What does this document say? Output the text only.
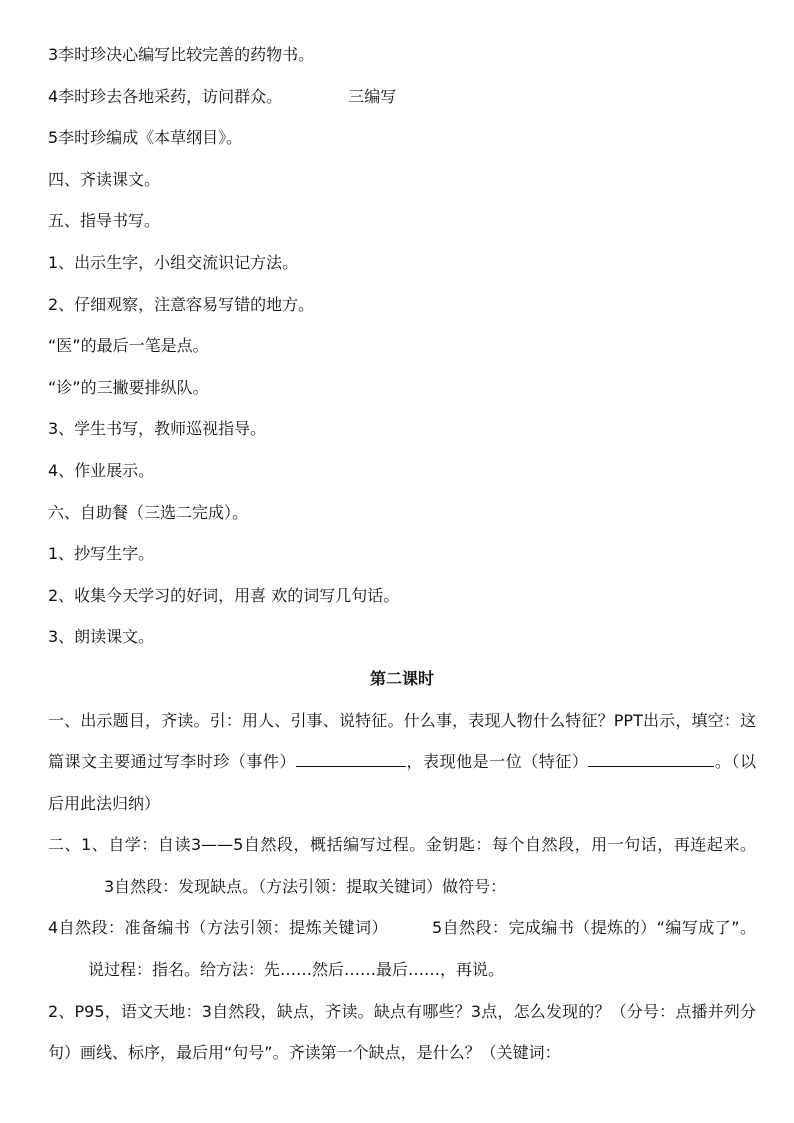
3李时珍决心编写比较完善的药物书。

4李时珍去各地采药，访问群众。	三编写

5李时珍编成《本草纲目》。

四、齐读课文。

五、指导书写。

1、出示生字，小组交流识记方法。

2、仔细观察，注意容易写错的地方。

“医”的最后一笔是点。

“诊”的三撇要排纵队。

3、学生书写，教师巡视指导。

4、作业展示。

六、自助餐（三选二完成）。

1、抄写生字。

2、收集今天学习的好词，用喜 欢的词写几句话。

3、朗读课文。

第二课时

一、出示题目，齐读。引：用人、引事、说特征。什么事，表现人物什么特征？PPT出示，填空：这篇课文主要通过写李时珍（事件）	，表现他是一位（特征）	。（以后用此法归纳）

二、1、自学：自读3——5自然段，概括编写过程。金钥匙：每个自然段，用一句话，再连起来。3自然段：发现缺点。（方法引领：提取关键词）做符号：

4自然段：准备编书（方法引领：提炼关键词）	5自然段：完成编书（提炼的）“编写成了”。说过程：指名。给方法：先……然后……最后……，再说。

2、P95，语文天地：3自然段，缺点，齐读。缺点有哪些？3点，怎么发现的？（分号：点播并列分句）画线、标序，最后用“句号”。齐读第一个缺点，是什么？（关键词：
